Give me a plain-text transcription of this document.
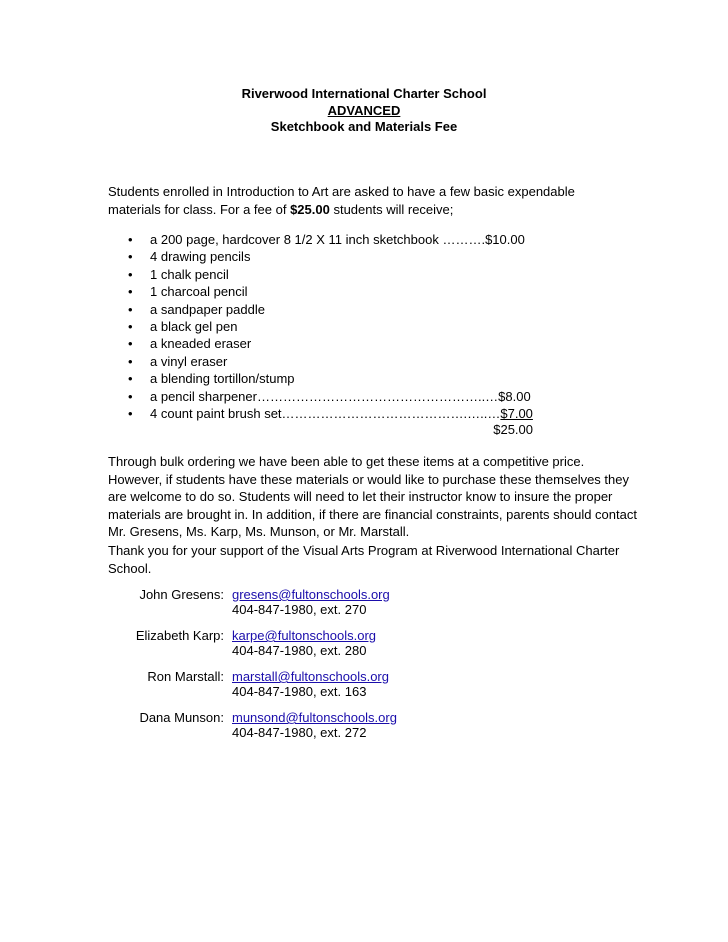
Riverwood International Charter School
ADVANCED
Sketchbook and Materials Fee

Students enrolled in Introduction to Art are asked to have a few basic expendable materials for class. For a fee of $25.00 students will receive;

• a 200 page, hardcover 8 1/2 X 11 inch sketchbook ……….$10.00
• 4 drawing pencils
• 1 chalk pencil
• 1 charcoal pencil
• a sandpaper paddle
• a black gel pen
• a kneaded eraser
• a vinyl eraser
• a blending tortillon/stump
• a pencil sharpener……………………………………………..…$8.00
• 4 count paint brush set…………………………………….…..…$7.00
$25.00

Through bulk ordering we have been able to get these items at a competitive price. However, if students have these materials or would like to purchase these themselves they are welcome to do so. Students will need to let their instructor know to insure the proper materials are brought in. In addition, if there are financial constraints, parents should contact Mr. Gresens, Ms. Karp, Ms. Munson, or Mr. Marstall.

Thank you for your support of the Visual Arts Program at Riverwood International Charter School.

John Gresens: gresens@fultonschools.org
404-847-1980, ext. 270
Elizabeth Karp: karpe@fultonschools.org
404-847-1980, ext. 280
Ron Marstall: marstall@fultonschools.org
404-847-1980, ext. 163
Dana Munson: munsond@fultonschools.org
404-847-1980, ext. 272
